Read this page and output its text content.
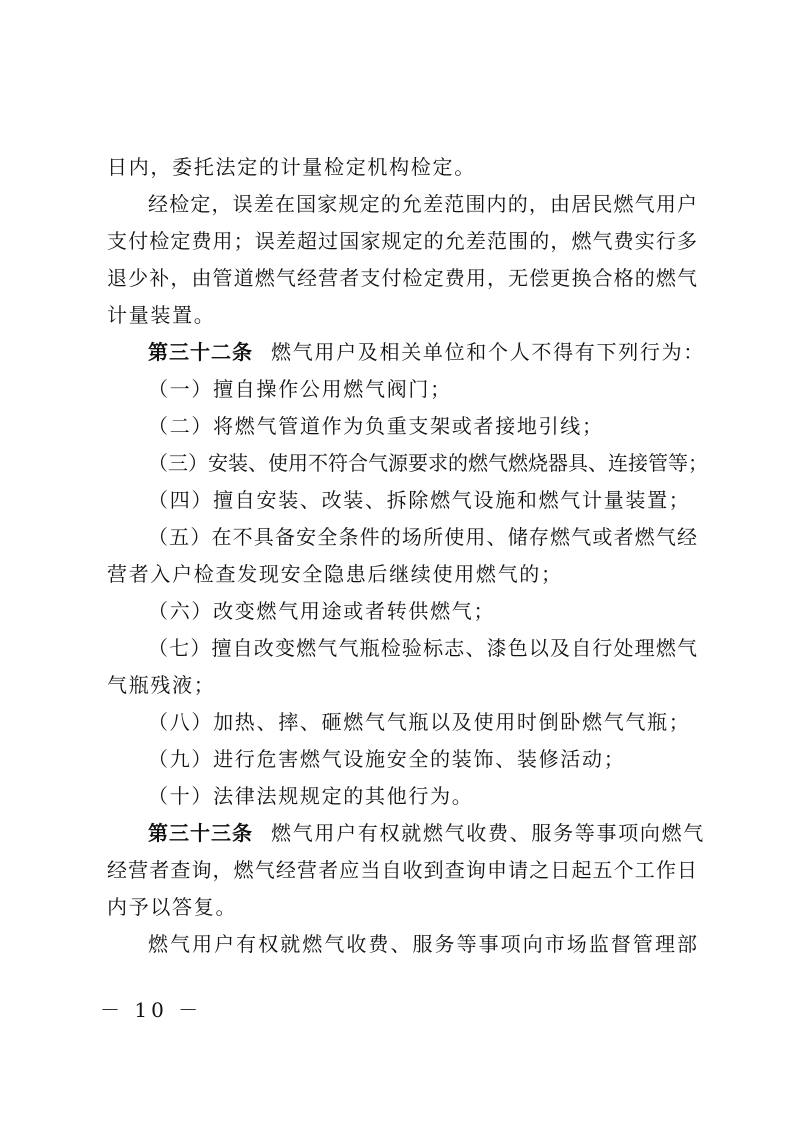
日内，委托法定的计量检定机构检定。
经检定，误差在国家规定的允差范围内的，由居民燃气用户
支付检定费用；误差超过国家规定的允差范围的，燃气费实行多
退少补，由管道燃气经营者支付检定费用，无偿更换合格的燃气
计量装置。
第三十二条 燃气用户及相关单位和个人不得有下列行为：
（一）擅自操作公用燃气阀门；
（二）将燃气管道作为负重支架或者接地引线；
（三）安装、使用不符合气源要求的燃气燃烧器具、连接管等；
（四）擅自安装、改装、拆除燃气设施和燃气计量装置；
（五）在不具备安全条件的场所使用、储存燃气或者燃气经
营者入户检查发现安全隐患后继续使用燃气的；
（六）改变燃气用途或者转供燃气；
（七）擅自改变燃气气瓶检验标志、漆色以及自行处理燃气
气瓶残液；
（八）加热、摔、砸燃气气瓶以及使用时倒卧燃气气瓶；
（九）进行危害燃气设施安全的装饰、装修活动；
（十）法律法规规定的其他行为。
第三十三条 燃气用户有权就燃气收费、服务等事项向燃气
经营者查询，燃气经营者应当自收到查询申请之日起五个工作日
内予以答复。
燃气用户有权就燃气收费、服务等事项向市场监督管理部
－ 10 －
